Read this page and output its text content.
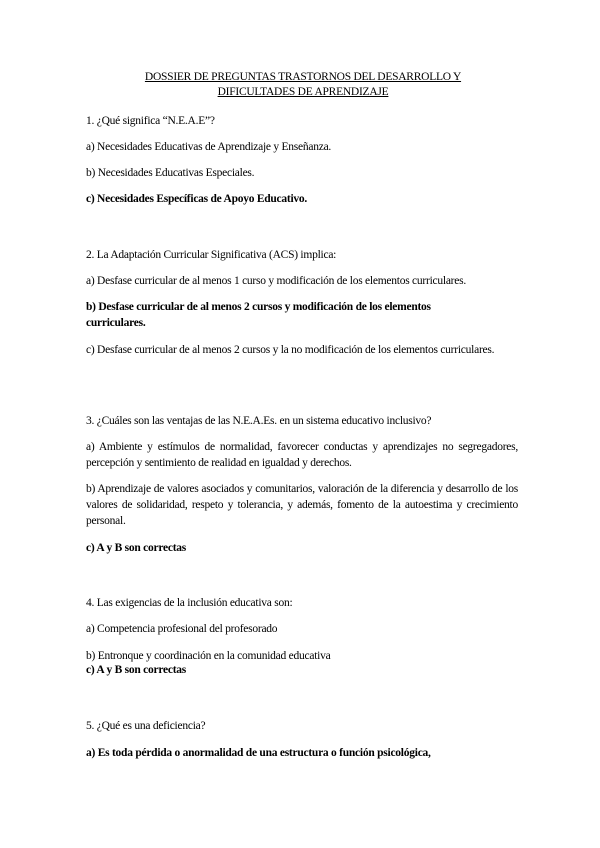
DOSSIER DE PREGUNTAS TRASTORNOS DEL DESARROLLO Y
DIFICULTADES DE APRENDIZAJE
1. ¿Qué significa “N.E.A.E”?
a) Necesidades Educativas de Aprendizaje y Enseñanza.
b) Necesidades Educativas Especiales.
c) Necesidades Específicas de Apoyo Educativo.
2. La Adaptación Curricular Significativa (ACS) implica:
a) Desfase curricular de al menos 1 curso y modificación de los elementos curriculares.
b) Desfase curricular de al menos 2 cursos y modificación de los elementos curriculares.
c) Desfase curricular de al menos 2 cursos y la no modificación de los elementos curriculares.
3. ¿Cuáles son las ventajas de las N.E.A.Es. en un sistema educativo inclusivo?
a) Ambiente y estímulos de normalidad, favorecer conductas y aprendizajes no segregadores, percepción y sentimiento de realidad en igualdad y derechos.
b) Aprendizaje de valores asociados y comunitarios, valoración de la diferencia y desarrollo de los valores de solidaridad, respeto y tolerancia, y además, fomento de la autoestima y crecimiento personal.
c) A y B son correctas
4. Las exigencias de la inclusión educativa son:
a) Competencia profesional del profesorado
b) Entronque y coordinación en la comunidad educativa
c) A y B son correctas
5. ¿Qué es una deficiencia?
a) Es toda pérdida o anormalidad de una estructura o función psicológica,
